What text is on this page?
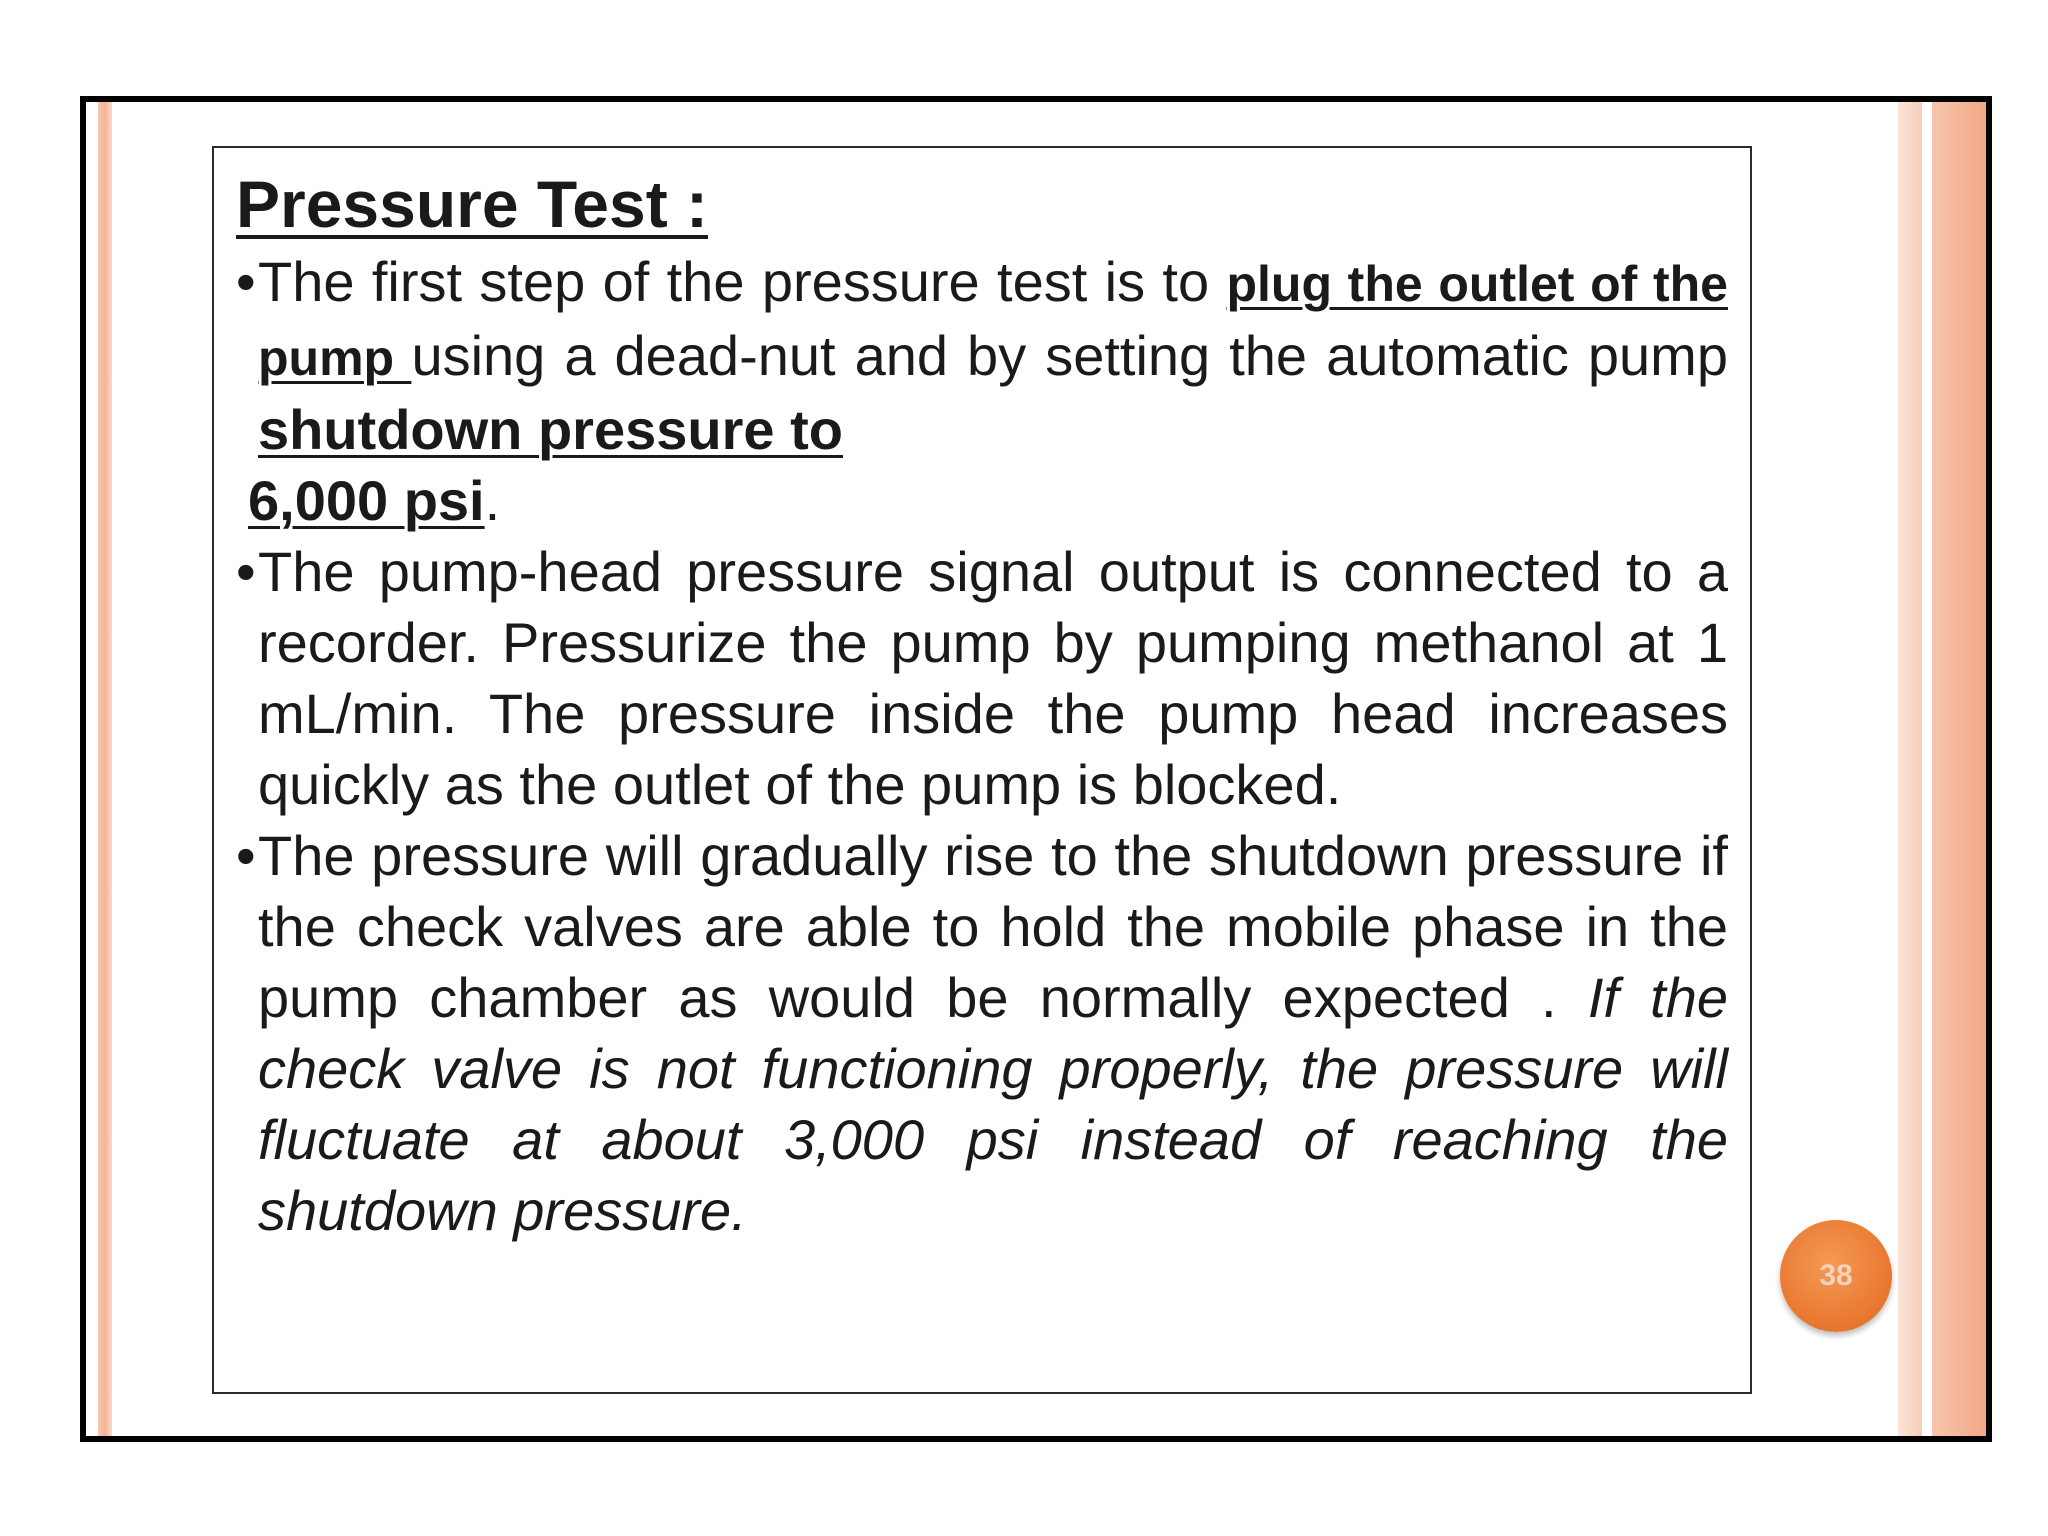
Pressure Test :

• The first step of the pressure test is to plug the outlet of the pump using a dead-nut and by setting the automatic pump shutdown pressure to
6,000 psi.

• The pump-head pressure signal output is connected to a recorder. Pressurize the pump by pumping methanol at 1 mL/min. The pressure inside the pump head increases quickly as the outlet of the pump is blocked.

• The pressure will gradually rise to the shutdown pressure if the check valves are able to hold the mobile phase in the pump chamber as would be normally expected . If the check valve is not functioning properly, the pressure will fluctuate at about 3,000 psi instead of reaching the shutdown pressure.

38
